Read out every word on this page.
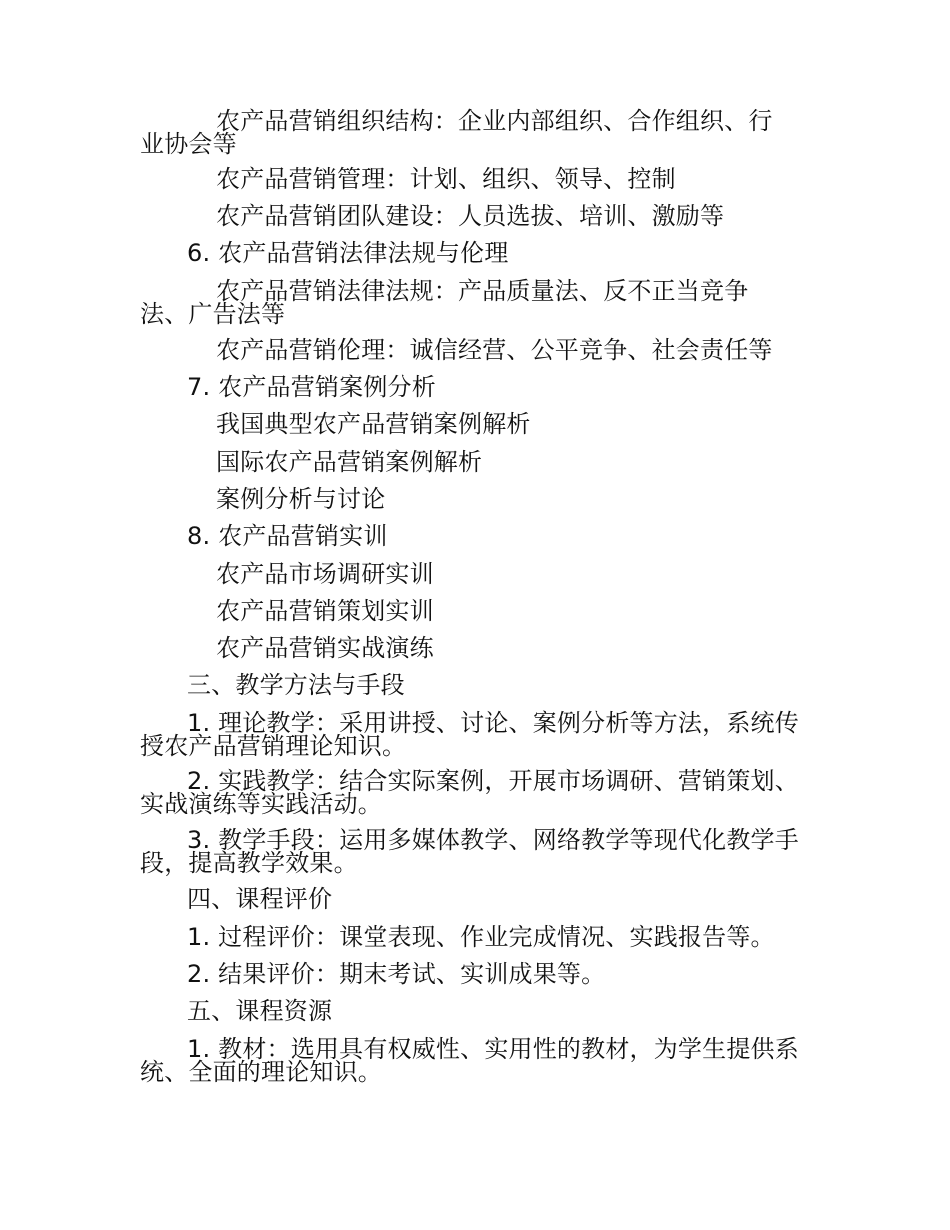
农产品营销组织结构：企业内部组织、合作组织、行
业协会等
农产品营销管理：计划、组织、领导、控制
农产品营销团队建设：人员选拔、培训、激励等
6. 农产品营销法律法规与伦理
农产品营销法律法规：产品质量法、反不正当竞争
法、广告法等
农产品营销伦理：诚信经营、公平竞争、社会责任等
7. 农产品营销案例分析
我国典型农产品营销案例解析
国际农产品营销案例解析
案例分析与讨论
8. 农产品营销实训
农产品市场调研实训
农产品营销策划实训
农产品营销实战演练
三、教学方法与手段
1. 理论教学：采用讲授、讨论、案例分析等方法，系统传
授农产品营销理论知识。
2. 实践教学：结合实际案例，开展市场调研、营销策划、
实战演练等实践活动。
3. 教学手段：运用多媒体教学、网络教学等现代化教学手
段，提高教学效果。
四、课程评价
1. 过程评价：课堂表现、作业完成情况、实践报告等。
2. 结果评价：期末考试、实训成果等。
五、课程资源
1. 教材：选用具有权威性、实用性的教材，为学生提供系
统、全面的理论知识。
